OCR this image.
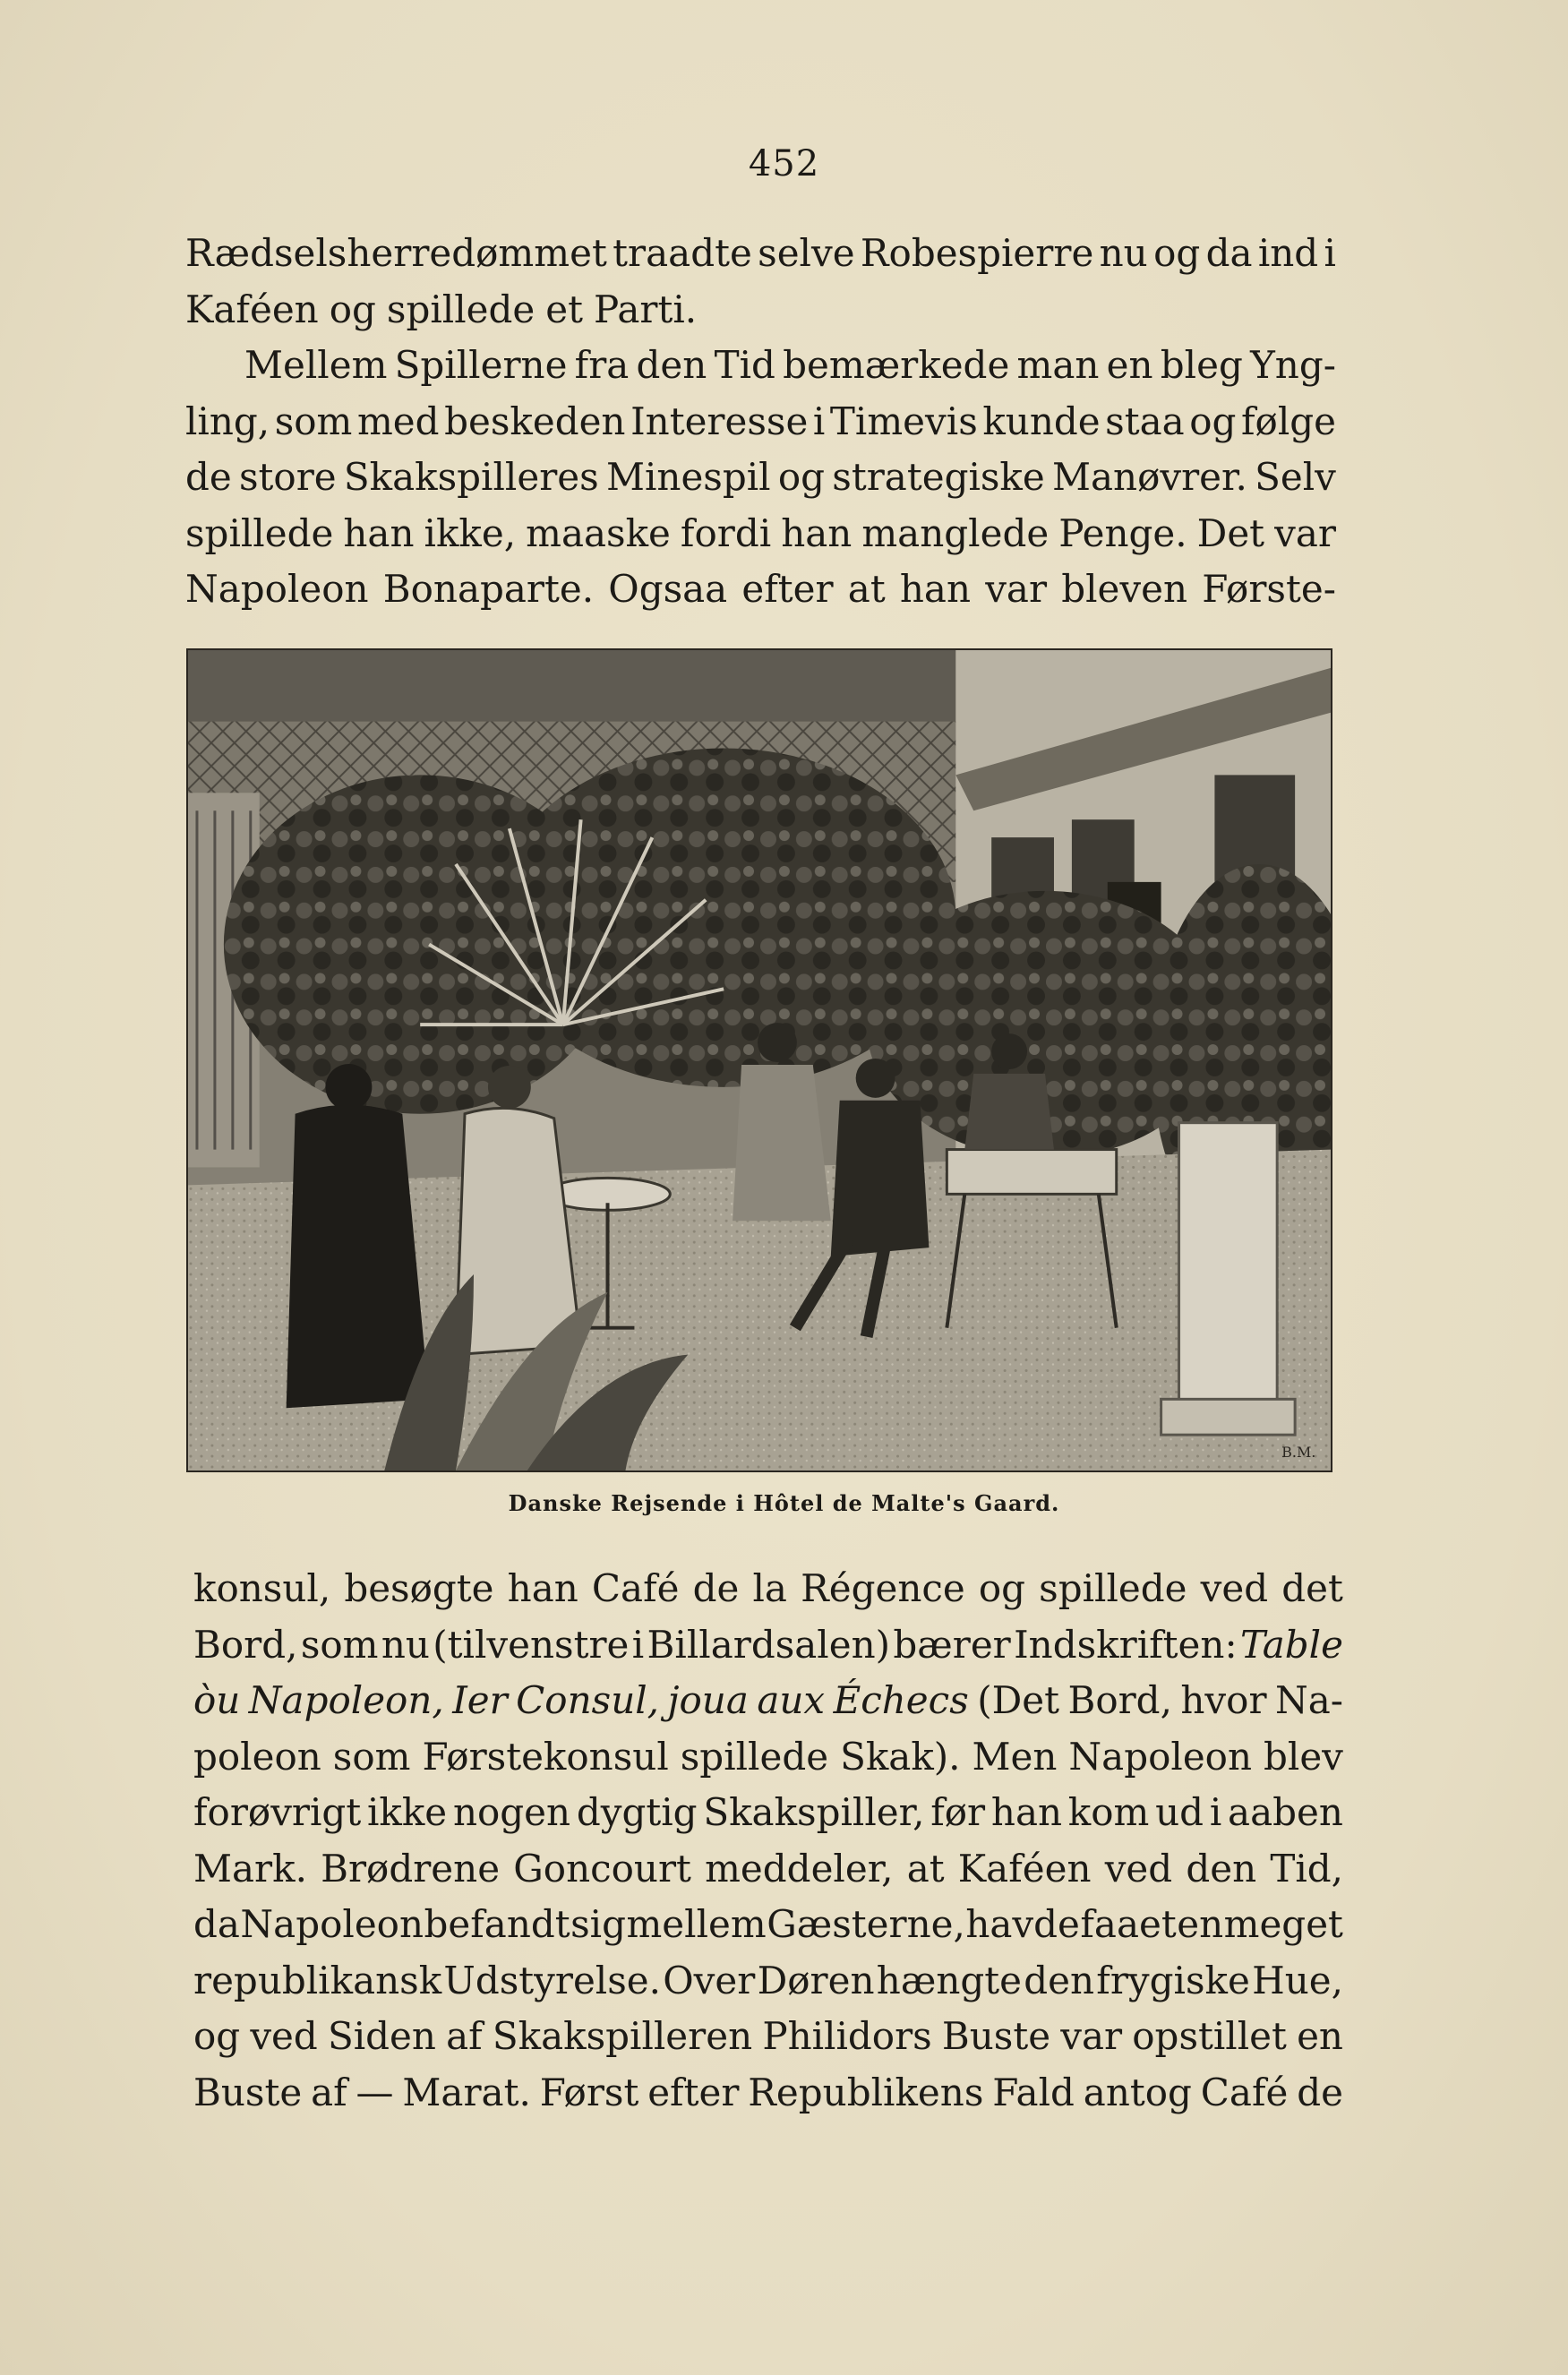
452
Rædselsherredømmet traadte selve Robespierre nu og da ind i
Kaféen og spillede et Parti.
Mellem Spillerne fra den Tid bemærkede man en bleg Yng-
ling, som med beskeden Interesse i Timevis kunde staa og følge
de store Skakspilleres Minespil og strategiske Manøvrer. Selv
spillede han ikke, maaske fordi han manglede Penge. Det var
Napoleon Bonaparte. Ogsaa efter at han var bleven Første-
B.M.
Danske Rejsende i Hôtel de Malte's Gaard.
konsul, besøgte han Café de la Régence og spillede ved det
Bord, som nu (tilvenstre i Billardsalen) bærer Indskriften: Table
òu Napoleon, Ier Consul, joua aux Échecs (Det Bord, hvor Na-
poleon som Førstekonsul spillede Skak). Men Napoleon blev
forøvrigt ikke nogen dygtig Skakspiller, før han kom ud i aaben
Mark. Brødrene Goncourt meddeler, at Kaféen ved den Tid,
da Napoleon befandt sig mellem Gæsterne, havde faaet en meget
republikansk Udstyrelse. Over Døren hængte den frygiske Hue,
og ved Siden af Skakspilleren Philidors Buste var opstillet en
Buste af — Marat. Først efter Republikens Fald antog Café de
